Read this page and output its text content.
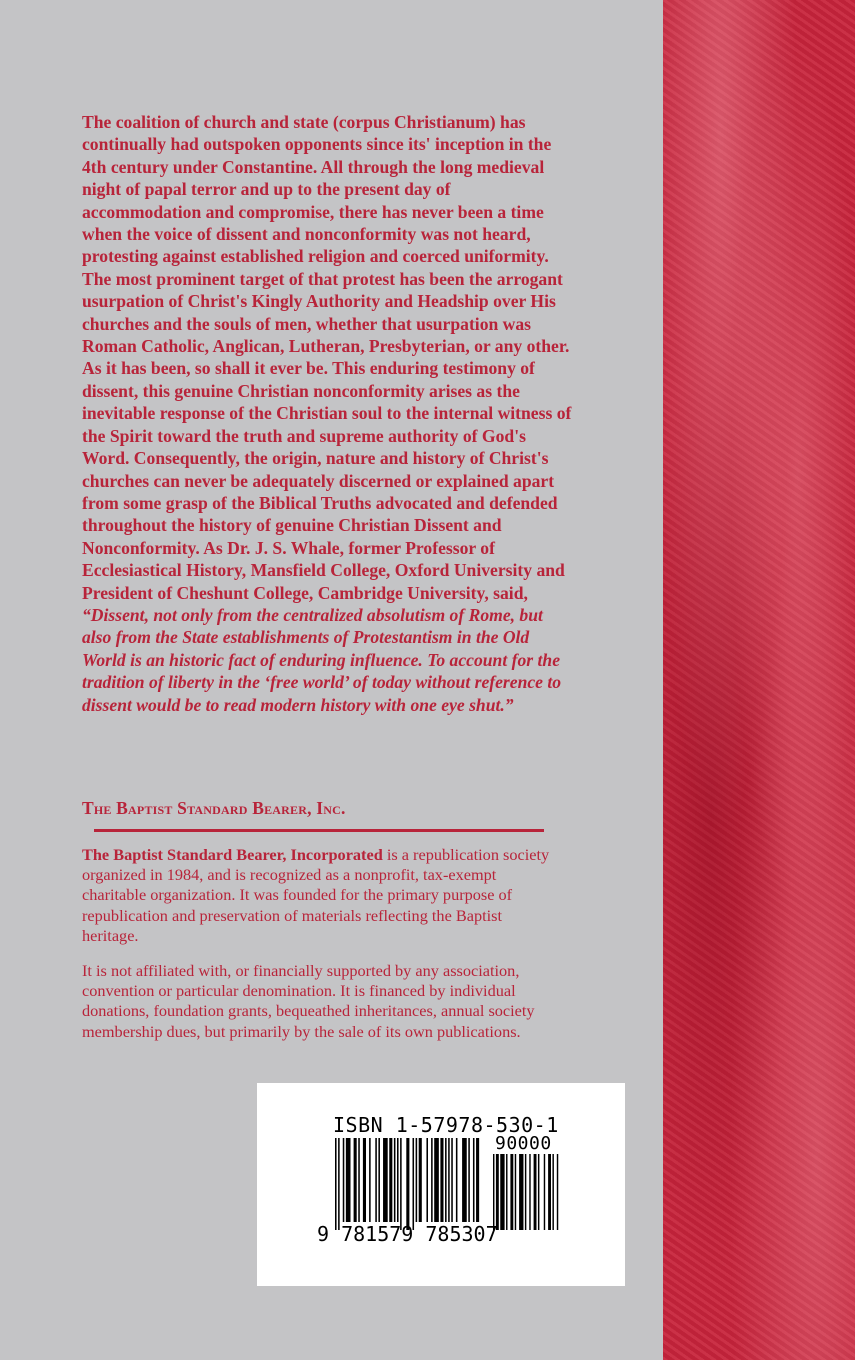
The coalition of church and state (corpus Christianum) has continually had outspoken opponents since its' inception in the 4th century under Constantine. All through the long medieval night of papal terror and up to the present day of accommodation and compromise, there has never been a time when the voice of dissent and nonconformity was not heard, protesting against established religion and coerced uniformity. The most prominent target of that protest has been the arrogant usurpation of Christ's Kingly Authority and Headship over His churches and the souls of men, whether that usurpation was Roman Catholic, Anglican, Lutheran, Presbyterian, or any other. As it has been, so shall it ever be. This enduring testimony of dissent, this genuine Christian nonconformity arises as the inevitable response of the Christian soul to the internal witness of the Spirit toward the truth and supreme authority of God's Word. Consequently, the origin, nature and history of Christ's churches can never be adequately discerned or explained apart from some grasp of the Biblical Truths advocated and defended throughout the history of genuine Christian Dissent and Nonconformity. As Dr. J. S. Whale, former Professor of Ecclesiastical History, Mansfield College, Oxford University and President of Cheshunt College, Cambridge University, said, “Dissent, not only from the centralized absolutism of Rome, but also from the State establishments of Protestantism in the Old World is an historic fact of enduring influence. To account for the tradition of liberty in the ‘free world’ of today without reference to dissent would be to read modern history with one eye shut.”

The Baptist Standard Bearer, Inc.

The Baptist Standard Bearer, Incorporated is a republication society organized in 1984, and is recognized as a nonprofit, tax-exempt charitable organization. It was founded for the primary purpose of republication and preservation of materials reflecting the Baptist heritage.

It is not affiliated with, or financially supported by any association, convention or particular denomination. It is financed by individual donations, foundation grants, bequeathed inheritances, annual society membership dues, but primarily by the sale of its own publications.

ISBN 1-57978-530-1
90000
9 781579 785307
